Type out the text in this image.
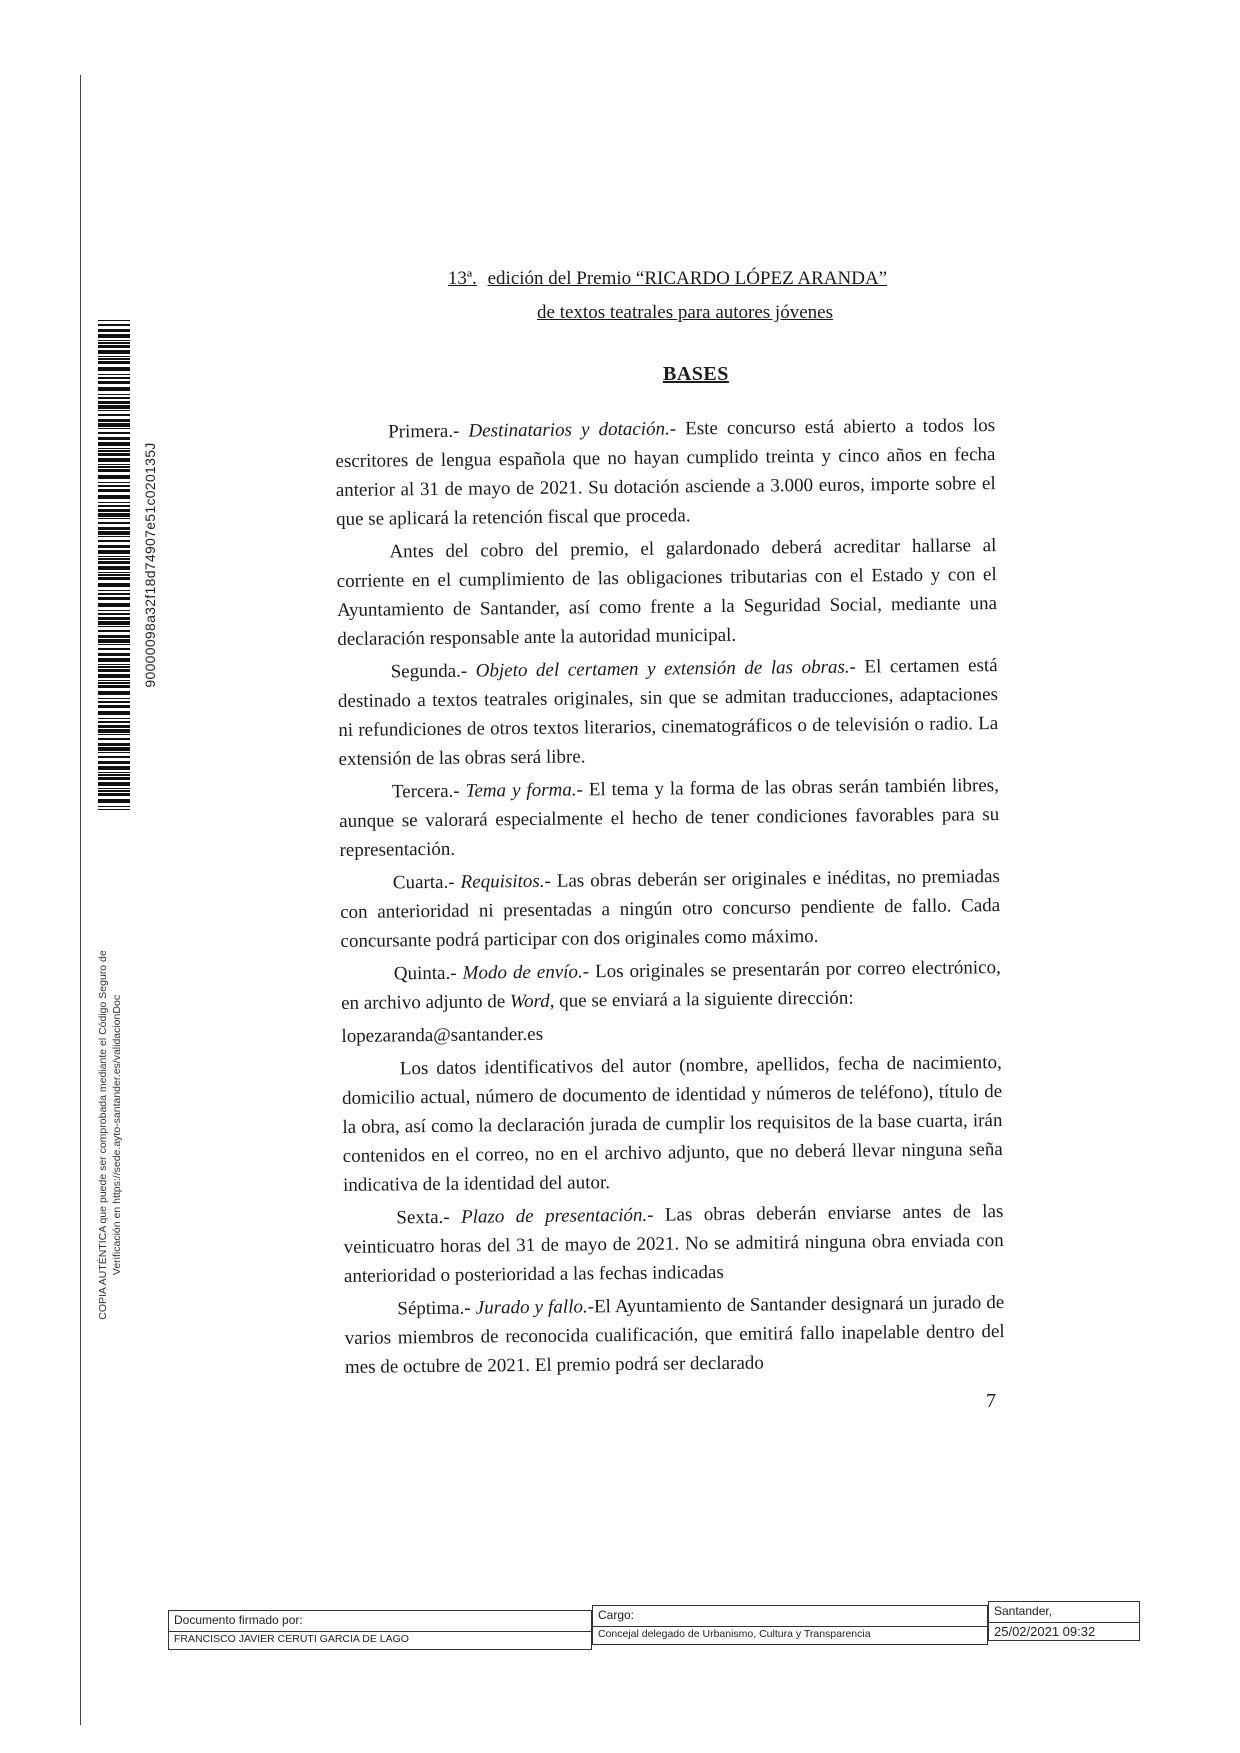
90000098a32f18d74907e51c020135J
COPIA AUTÉNTICA que puede ser comprobada mediante el Código Seguro de Verificación en https://sede.ayto-santander.es/validacionDoc
13ª. edición del Premio “RICARDO LÓPEZ ARANDA”
de textos teatrales para autores jóvenes
BASES

Primera.- Destinatarios y dotación.- Este concurso está abierto a todos los escritores de lengua española que no hayan cumplido treinta y cinco años en fecha anterior al 31 de mayo de 2021. Su dotación asciende a 3.000 euros, importe sobre el que se aplicará la retención fiscal que proceda.

Antes del cobro del premio, el galardonado deberá acreditar hallarse al corriente en el cumplimiento de las obligaciones tributarias con el Estado y con el Ayuntamiento de Santander, así como frente a la Seguridad Social, mediante una declaración responsable ante la autoridad municipal.

Segunda.- Objeto del certamen y extensión de las obras.- El certamen está destinado a textos teatrales originales, sin que se admitan traducciones, adaptaciones ni refundiciones de otros textos literarios, cinematográficos o de televisión o radio. La extensión de las obras será libre.

Tercera.- Tema y forma.- El tema y la forma de las obras serán también libres, aunque se valorará especialmente el hecho de tener condiciones favorables para su representación.

Cuarta.- Requisitos.- Las obras deberán ser originales e inéditas, no premiadas con anterioridad ni presentadas a ningún otro concurso pendiente de fallo. Cada concursante podrá participar con dos originales como máximo.

Quinta.- Modo de envío.- Los originales se presentarán por correo electrónico, en archivo adjunto de Word, que se enviará a la siguiente dirección:

lopezaranda@santander.es

Los datos identificativos del autor (nombre, apellidos, fecha de nacimiento, domicilio actual, número de documento de identidad y números de teléfono), título de la obra, así como la declaración jurada de cumplir los requisitos de la base cuarta, irán contenidos en el correo, no en el archivo adjunto, que no deberá llevar ninguna seña indicativa de la identidad del autor.

Sexta.- Plazo de presentación.- Las obras deberán enviarse antes de las veinticuatro horas del 31 de mayo de 2021. No se admitirá ninguna obra enviada con anterioridad o posterioridad a las fechas indicadas

Séptima.- Jurado y fallo.-El Ayuntamiento de Santander designará un jurado de varios miembros de reconocida cualificación, que emitirá fallo inapelable dentro del mes de octubre de 2021. El premio podrá ser declarado

7
Documento firmado por:
FRANCISCO JAVIER CERUTI GARCIA DE LAGO
Cargo:
Concejal delegado de Urbanismo, Cultura y Transparencia
Santander,
25/02/2021 09:32
